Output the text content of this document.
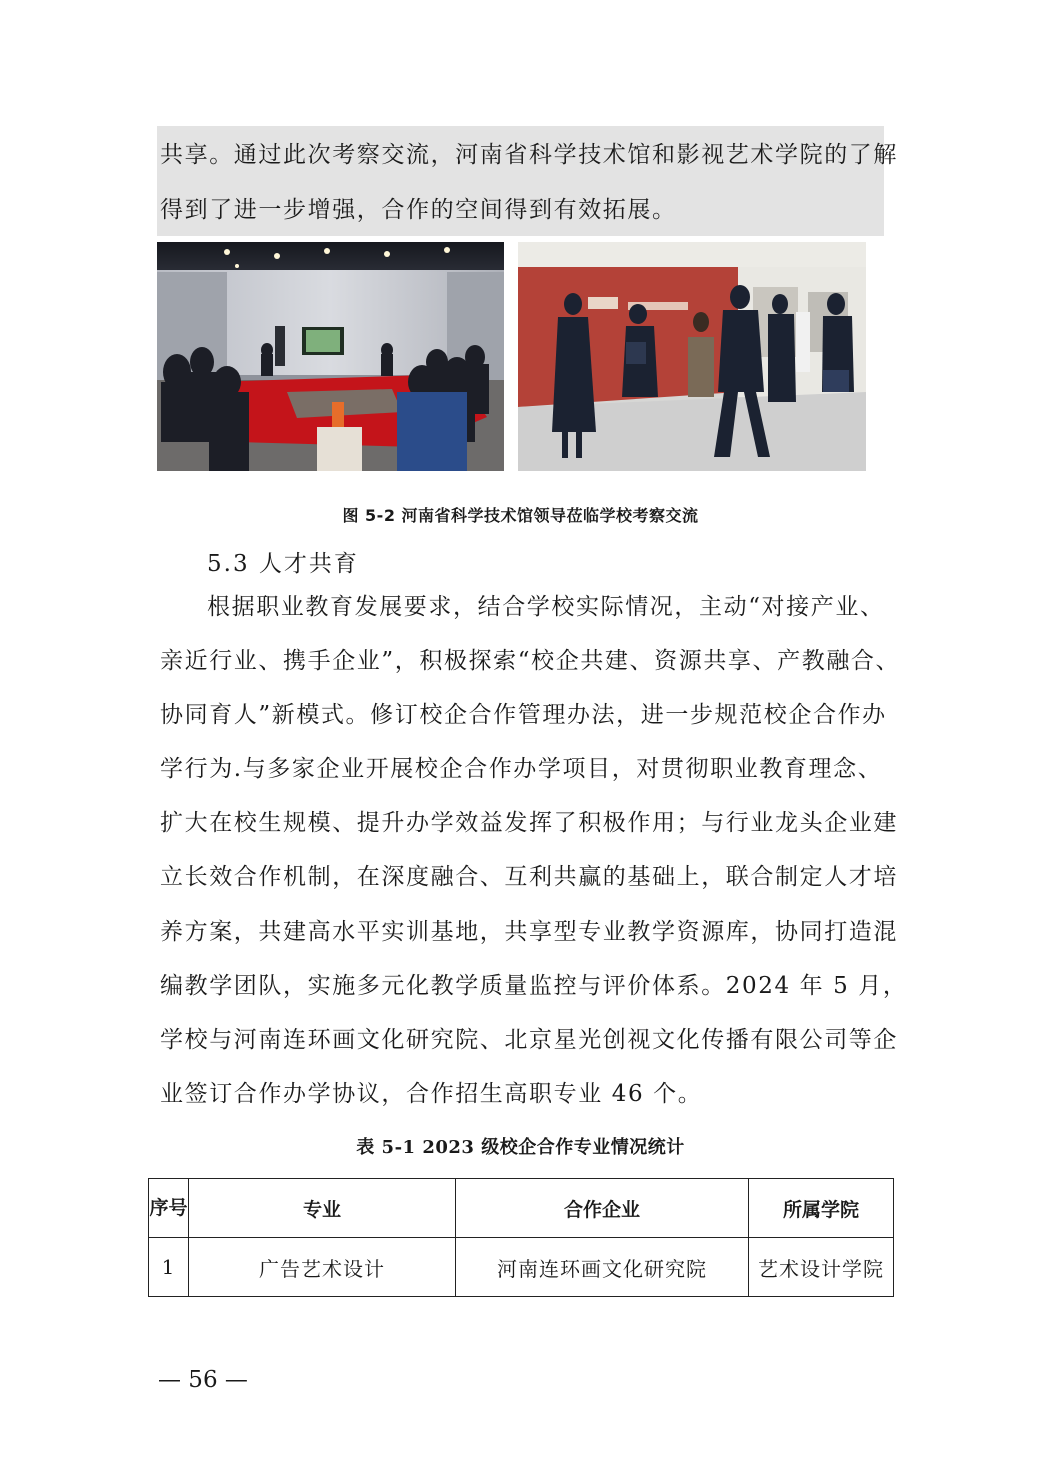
共享。通过此次考察交流，河南省科学技术馆和影视艺术学院的了解
得到了进一步增强，合作的空间得到有效拓展。
图 5-2 河南省科学技术馆领导莅临学校考察交流
5.3 人才共育
根据职业教育发展要求，结合学校实际情况，主动“对接产业、
亲近行业、携手企业”，积极探索“校企共建、资源共享、产教融合、
协同育人”新模式。修订校企合作管理办法，进一步规范校企合作办
学行为.与多家企业开展校企合作办学项目，对贯彻职业教育理念、
扩大在校生规模、提升办学效益发挥了积极作用；与行业龙头企业建
立长效合作机制，在深度融合、互利共赢的基础上，联合制定人才培
养方案，共建高水平实训基地，共享型专业教学资源库，协同打造混
编教学团队，实施多元化教学质量监控与评价体系。2024 年 5 月，
学校与河南连环画文化研究院、北京星光创视文化传播有限公司等企
业签订合作办学协议，合作招生高职专业 46 个。
表 5-1 2023 级校企合作专业情况统计
序号	专业	合作企业	所属学院
1	广告艺术设计	河南连环画文化研究院	艺术设计学院
— 56 —
